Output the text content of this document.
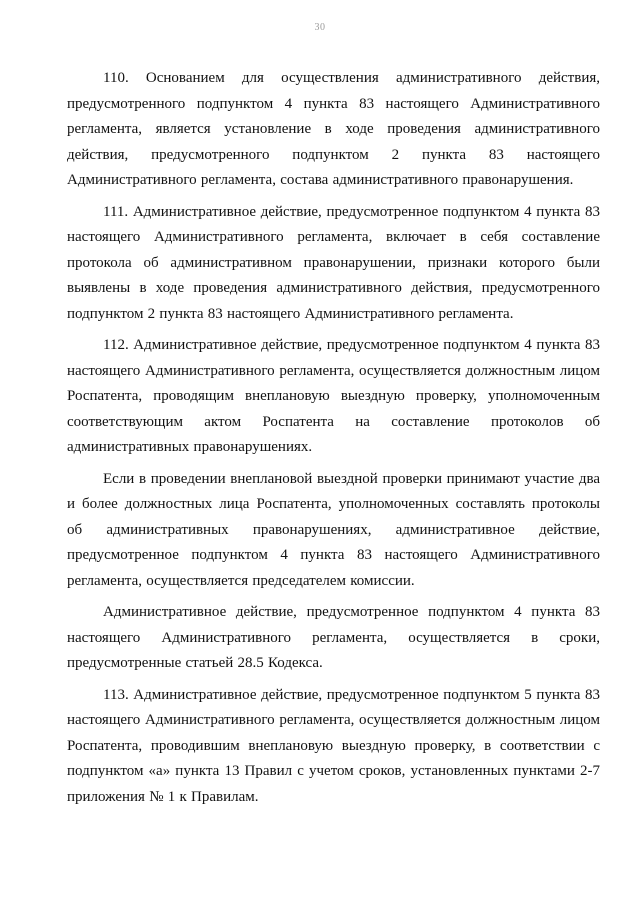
30

110. Основанием для осуществления административного действия, предусмотренного подпунктом 4 пункта 83 настоящего Административного регламента, является установление в ходе проведения административного действия, предусмотренного подпунктом 2 пункта 83 настоящего Административного регламента, состава административного правонарушения.

111. Административное действие, предусмотренное подпунктом 4 пункта 83 настоящего Административного регламента, включает в себя составление протокола об административном правонарушении, признаки которого были выявлены в ходе проведения административного действия, предусмотренного подпунктом 2 пункта 83 настоящего Административного регламента.

112. Административное действие, предусмотренное подпунктом 4 пункта 83 настоящего Административного регламента, осуществляется должностным лицом Роспатента, проводящим внеплановую выездную проверку, уполномоченным соответствующим актом Роспатента на составление протоколов об административных правонарушениях.

Если в проведении внеплановой выездной проверки принимают участие два и более должностных лица Роспатента, уполномоченных составлять протоколы об административных правонарушениях, административное действие, предусмотренное подпунктом 4 пункта 83 настоящего Административного регламента, осуществляется председателем комиссии.

Административное действие, предусмотренное подпунктом 4 пункта 83 настоящего Административного регламента, осуществляется в сроки, предусмотренные статьей 28.5 Кодекса.

113. Административное действие, предусмотренное подпунктом 5 пункта 83 настоящего Административного регламента, осуществляется должностным лицом Роспатента, проводившим внеплановую выездную проверку, в соответствии с подпунктом «а» пункта 13 Правил с учетом сроков, установленных пунктами 2-7 приложения № 1 к Правилам.
